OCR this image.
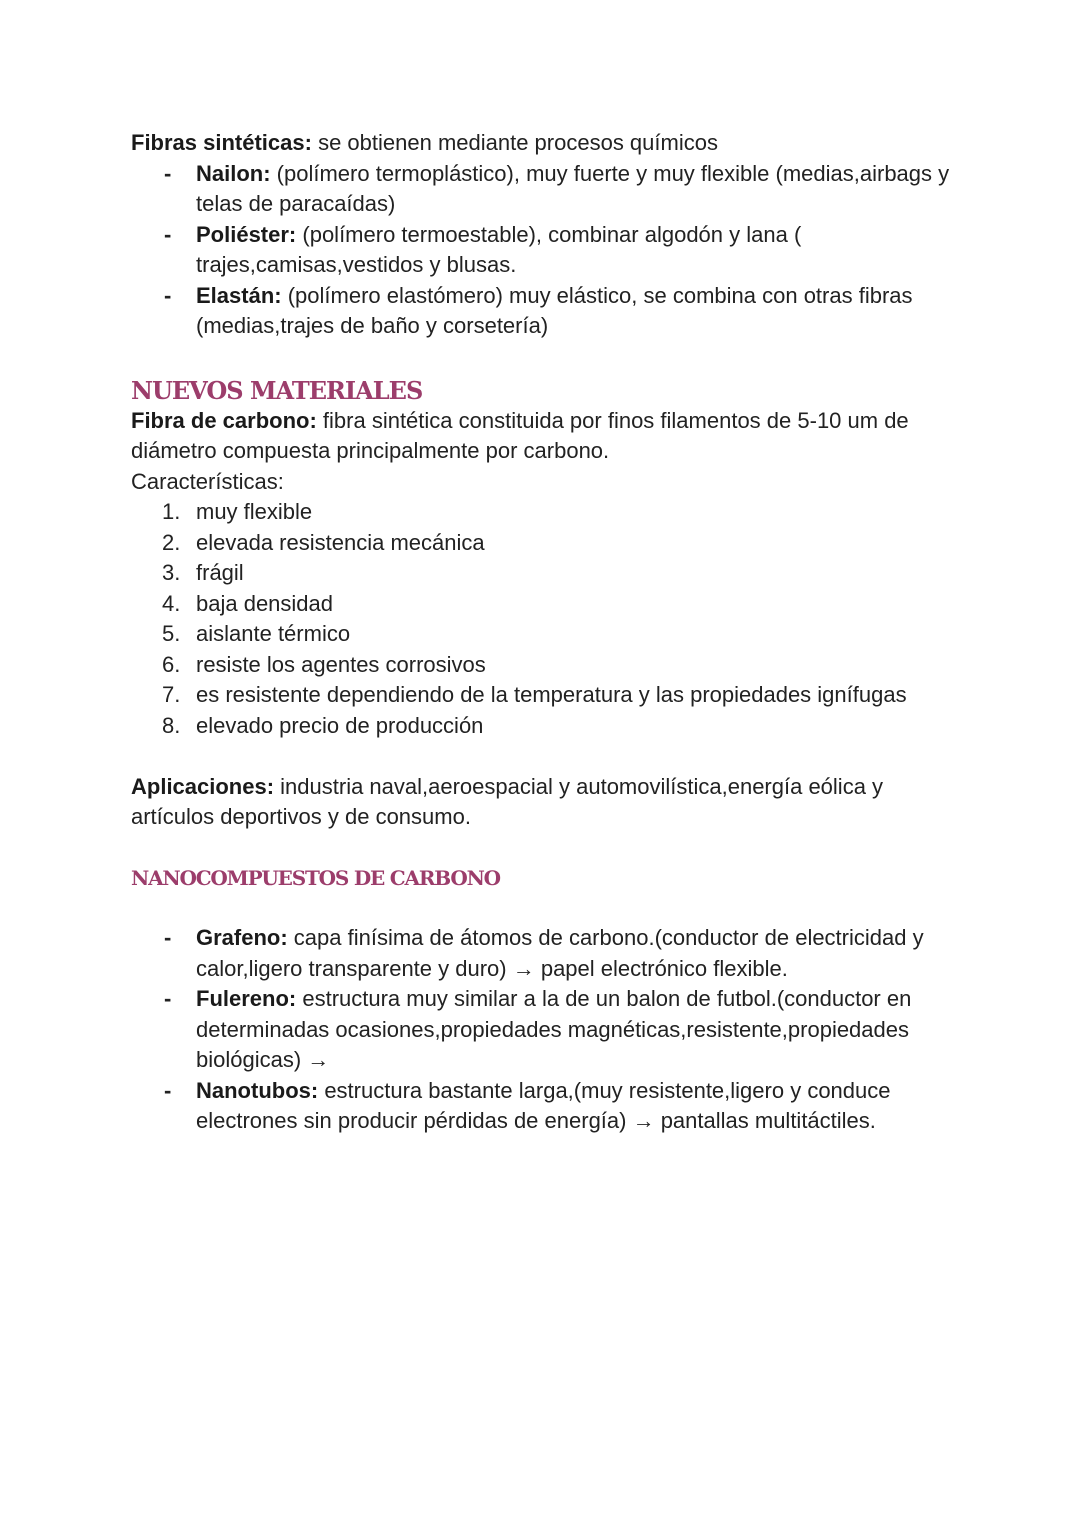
Fibras sintéticas: se obtienen mediante procesos químicos

- Nailon: (polímero termoplástico), muy fuerte y muy flexible (medias,airbags y telas de paracaídas)
- Poliéster: (polímero termoestable), combinar algodón y lana ( trajes,camisas,vestidos y blusas.
- Elastán: (polímero elastómero) muy elástico, se combina con otras fibras (medias,trajes de baño y corsetería)
NUEVOS MATERIALES

Fibra de carbono: fibra sintética constituida por finos filamentos de 5-10 um de diámetro compuesta principalmente por carbono.

Características:

1. muy flexible
2. elevada resistencia mecánica
3. frágil
4. baja densidad
5. aislante térmico
6. resiste los agentes corrosivos
7. es resistente dependiendo de la temperatura y las propiedades ignífugas
8. elevado precio de producción

Aplicaciones: industria naval,aeroespacial y automovilística,energía eólica y artículos deportivos y de consumo.

NANOCOMPUESTOS DE CARBONO
- Grafeno: capa finísima de átomos de carbono.(conductor de electricidad y calor,ligero transparente y duro) → papel electrónico flexible.
- Fulereno: estructura muy similar a la de un balon de futbol.(conductor en determinadas ocasiones,propiedades magnéticas,resistente,propiedades biológicas) →
- Nanotubos: estructura bastante larga,(muy resistente,ligero y conduce electrones sin producir pérdidas de energía) → pantallas multitáctiles.
